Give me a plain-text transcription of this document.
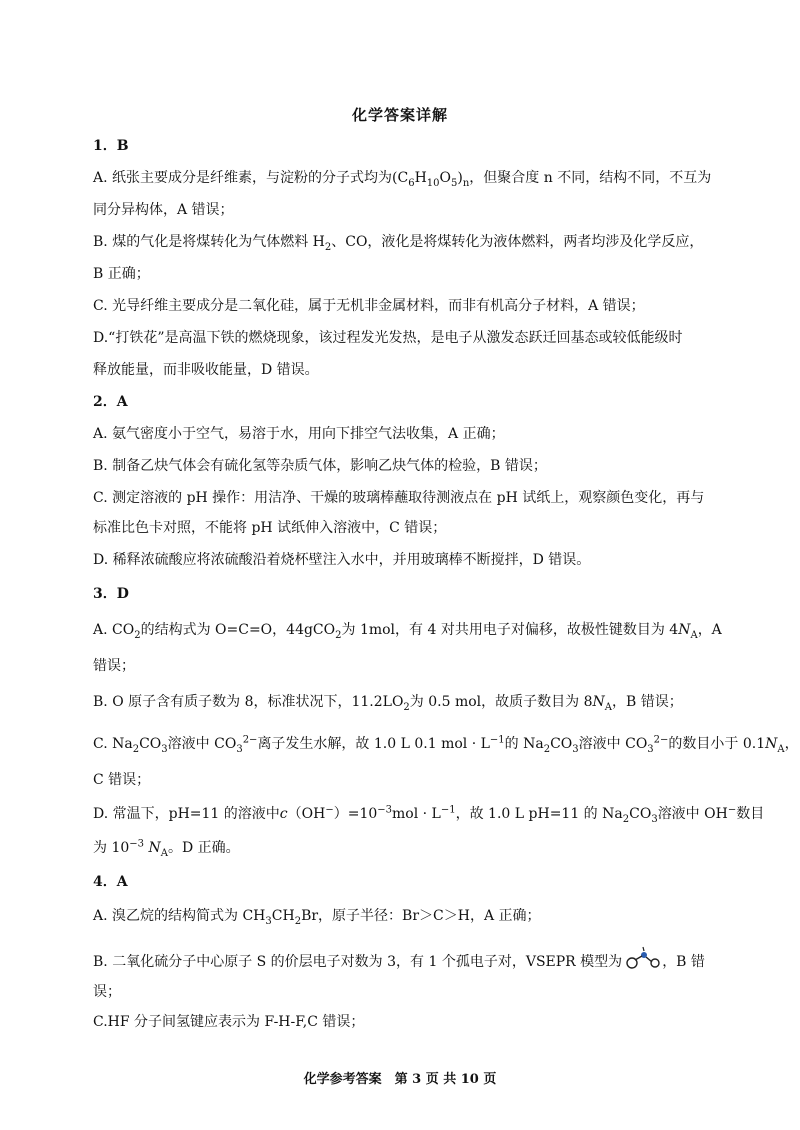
化学答案详解
1．B
A. 纸张主要成分是纤维素，与淀粉的分子式均为$(C_6H_{10}O_5)_n$，但聚合度 n 不同，结构不同，不互为
同分异构体，A 错误；
B. 煤的气化是将煤转化为气体燃料 $H_2$、CO，液化是将煤转化为液体燃料，两者均涉及化学反应，
B 正确；
C. 光导纤维主要成分是二氧化硅，属于无机非金属材料，而非有机高分子材料，A 错误；
D.“打铁花”是高温下铁的燃烧现象，该过程发光发热，是电子从激发态跃迁回基态或较低能级时
释放能量，而非吸收能量，D 错误。
2．A
A. 氨气密度小于空气，易溶于水，用向下排空气法收集，A 正确；
B. 制备乙炔气体会有硫化氢等杂质气体，影响乙炔气体的检验，B 错误；
C. 测定溶液的 pH 操作：用洁净、干燥的玻璃棒蘸取待测液点在 pH 试纸上，观察颜色变化，再与
标准比色卡对照，不能将 pH 试纸伸入溶液中，C 错误；
D. 稀释浓硫酸应将浓硫酸沿着烧杯壁注入水中，并用玻璃棒不断搅拌，D 错误。
3．D
A. $CO_2$的结构式为 O=C=O，44gCO$_2$为 1mol，有 4 对共用电子对偏移，故极性键数目为 $4N_A$，A
错误；
B. O 原子含有质子数为 8，标准状况下，$11.2LO_2$为 0.5 mol，故质子数目为 $8N_A$，B 错误；
C. $Na_2CO_3$溶液中 $CO_3^{2-}$离子发生水解，故 1.0 L 0.1 mol · $L^{-1}$的 $Na_2CO_3$溶液中 $CO_3^{2-}$的数目小于 $0.1N_A$，
C 错误；
D. 常温下，pH=11 的溶液中$c(OH^-)=10^{-3}mol \cdot L^{-1}$，故 1.0 L pH=11 的 $Na_2CO_3$溶液中 OH−数目
为 $10^{-3}$ $N_A$。D 正确。
4．A
A. 溴乙烷的结构简式为 $CH_3CH_2Br$，原子半径：Br＞C＞H，A 正确；
B. 二氧化硫分子中心原子 S 的价层电子对数为 3，有 1 个孤电子对，VSEPR 模型为	，B 错
误；
C.HF 分子间氢键应表示为 F-H-F,C 错误；
化学参考答案　第 3 页 共 10 页
